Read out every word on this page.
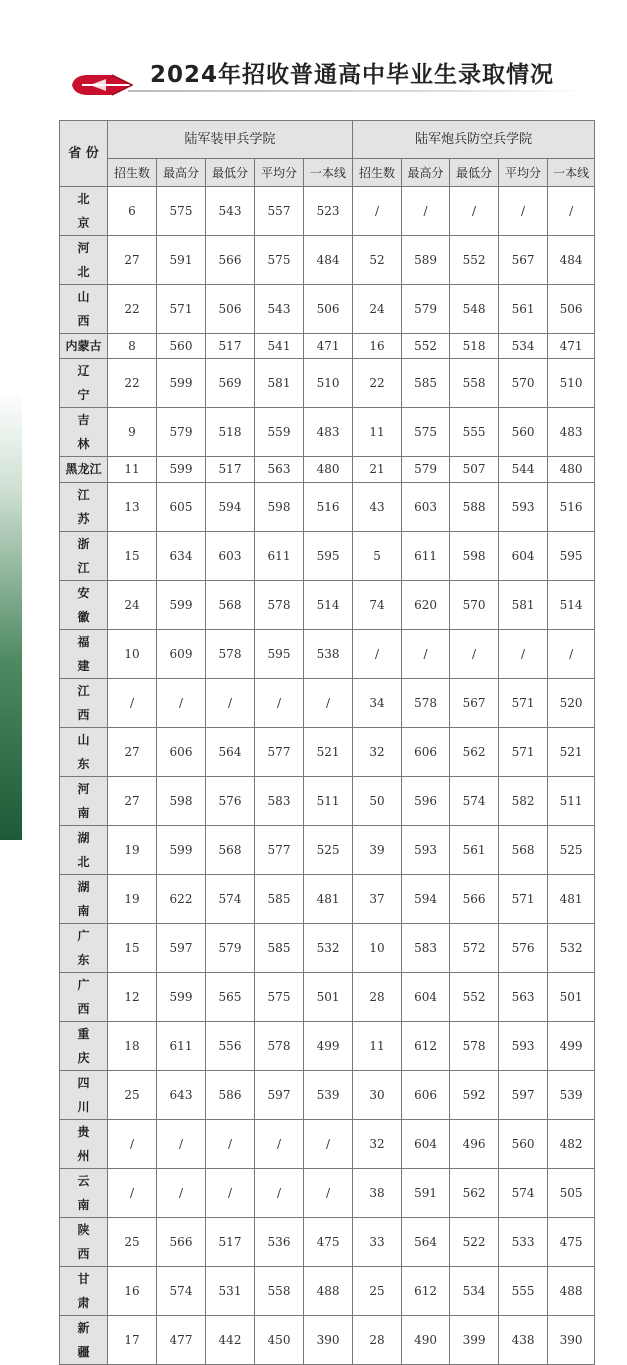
2024年招收普通高中毕业生录取情况
省 份	陆军装甲兵学院					陆军炮兵防空兵学院				
	招生数	最高分	最低分	平均分	一本线	招生数	最高分	最低分	平均分	一本线
北京	6	575	543	557	523	/	/	/	/	/
河北	27	591	566	575	484	52	589	552	567	484
山西	22	571	506	543	506	24	579	548	561	506
内蒙古	8	560	517	541	471	16	552	518	534	471
辽宁	22	599	569	581	510	22	585	558	570	510
吉林	9	579	518	559	483	11	575	555	560	483
黑龙江	11	599	517	563	480	21	579	507	544	480
江苏	13	605	594	598	516	43	603	588	593	516
浙江	15	634	603	611	595	5	611	598	604	595
安徽	24	599	568	578	514	74	620	570	581	514
福建	10	609	578	595	538	/	/	/	/	/
江西	/	/	/	/	/	34	578	567	571	520
山东	27	606	564	577	521	32	606	562	571	521
河南	27	598	576	583	511	50	596	574	582	511
湖北	19	599	568	577	525	39	593	561	568	525
湖南	19	622	574	585	481	37	594	566	571	481
广东	15	597	579	585	532	10	583	572	576	532
广西	12	599	565	575	501	28	604	552	563	501
重庆	18	611	556	578	499	11	612	578	593	499
四川	25	643	586	597	539	30	606	592	597	539
贵州	/	/	/	/	/	32	604	496	560	482
云南	/	/	/	/	/	38	591	562	574	505
陕西	25	566	517	536	475	33	564	522	533	475
甘肃	16	574	531	558	488	25	612	534	555	488
新疆	17	477	442	450	390	28	490	399	438	390
